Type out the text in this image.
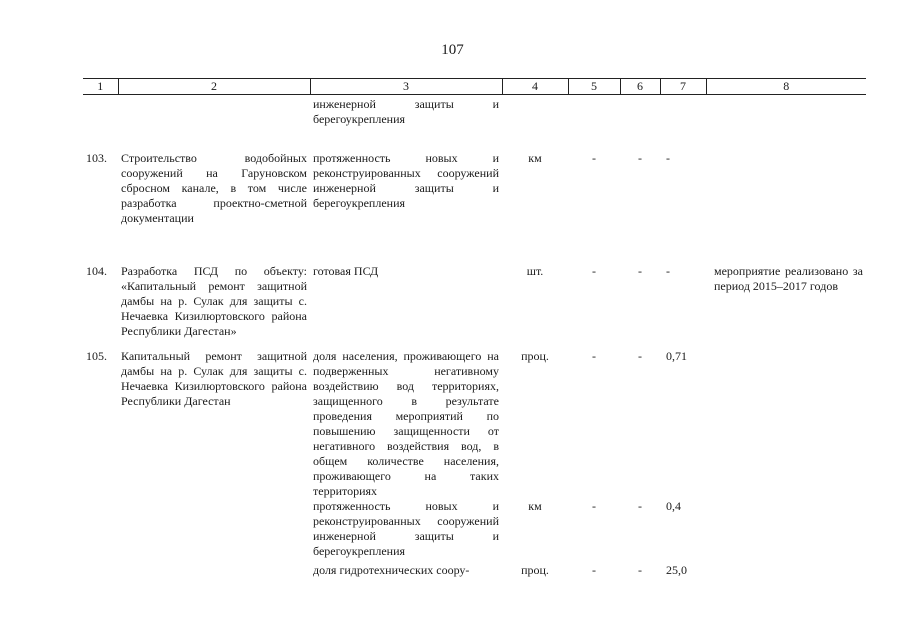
107
1	2	3	4	5	6	7	8
		инженерной защиты и берегоукрепления					

103.	Строительство водобойных сооружений на Гаруновском сбросном канале, в том числе разработка проектно-сметной документации	протяженность новых и реконструированных сооружений инженерной защиты и берегоукрепления	км	-	-	-	

104.	Разработка ПСД по объекту: «Капитальный ремонт защитной дамбы на р. Сулак для защиты с. Нечаевка Кизилюртовского района Республики Дагестан»	готовая ПСД	шт.	-	-	-	мероприятие реализовано за период 2015–2017 годов

105.	Капитальный ремонт защитной дамбы на р. Сулак для защиты с. Нечаевка Кизилюртовского района Республики Дагестан	доля населения, проживающего на подверженных негативному воздействию вод территориях, защищенного в результате проведения мероприятий по повышению защищенности от негативного воздействия вод, в общем количестве населения, проживающего на таких территориях	проц.	-	-	0,71	
		протяженность новых и реконструированных сооружений инженерной защиты и берегоукрепления	км	-	-	0,4	
		доля гидротехнических соору-	проц.	-	-	25,0	
